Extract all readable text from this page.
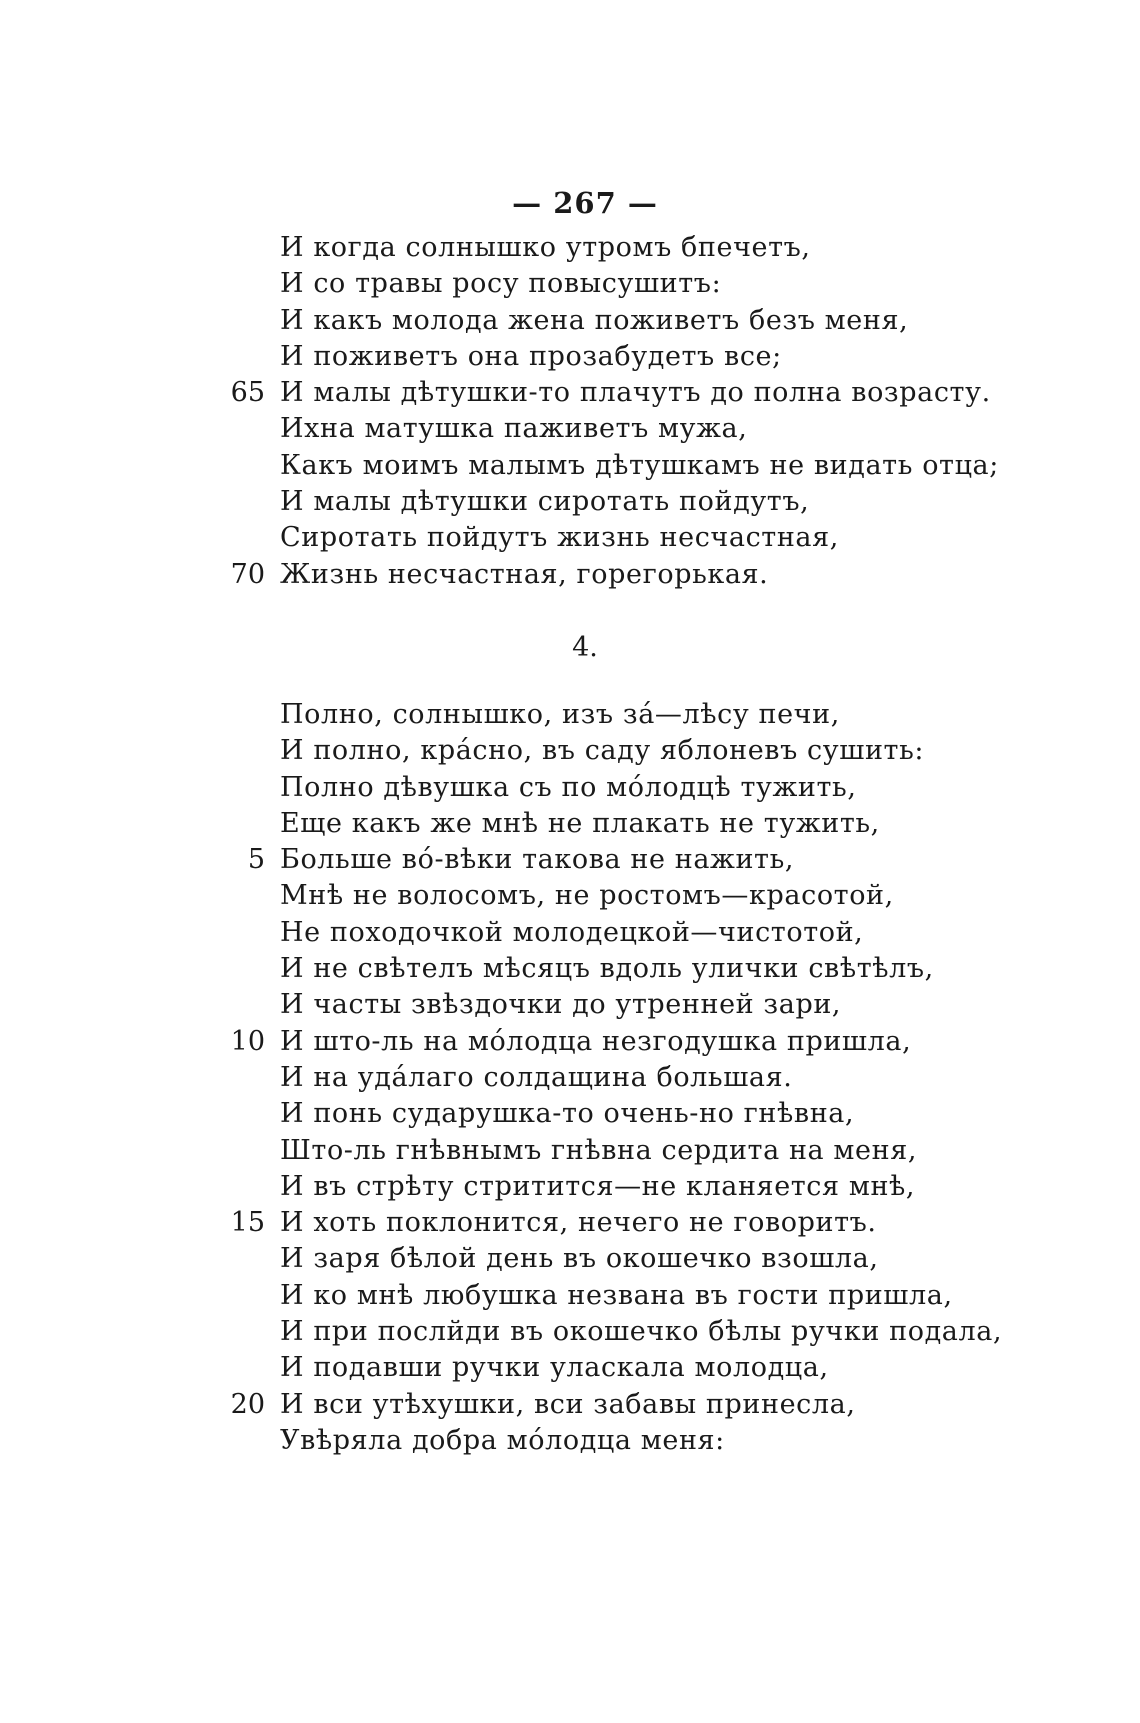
— 267 —
И когда солнышко утромъ бпечетъ,
И со травы росу повысушитъ:
И какъ молода жена поживетъ безъ меня,
И поживетъ она прозабудетъ все;
65 И малы дѣтушки-то плачутъ до полна возрасту.
Ихна матушка паживетъ мужа,
Какъ моимъ малымъ дѣтушкамъ не видать отца;
И малы дѣтушки сиротать пойдутъ,
Сиротать пойдутъ жизнь несчастная,
70 Жизнь несчастная, горегорькая.
4.
Полно, солнышко, изъ за́—лѣсу печи,
И полно, кра́сно, въ саду яблоневъ сушить:
Полно дѣвушка съ по мо́лодцѣ тужить,
Еще какъ же мнѣ не плакать не тужить,
5 Больше во́-вѣки такова не нажить,
Мнѣ не волосомъ, не ростомъ—красотой,
Не походочкой молодецкой—чистотой,
И не свѣтелъ мѣсяцъ вдоль улички свѣтѣлъ,
И часты звѣздочки до утренней зари,
10 И што-ль на мо́лодца незгодушка пришла,
И на уда́лаго солдащина большая.
И понь сударушка-то очень-но гнѣвна,
Што-ль гнѣвнымъ гнѣвна сердита на меня,
И въ стрѣту стритится—не кланяется мнѣ,
15 И хоть поклонится, нечего не говоритъ.
И заря бѣлой день въ окошечко взошла,
И ко мнѣ любушка незвана въ гости пришла,
И при послйди въ окошечко бѣлы ручки подала,
И подавши ручки уласкала молодца,
20 И вси утѣхушки, вси забавы принесла,
Увѣряла добра мо́лодца меня:
